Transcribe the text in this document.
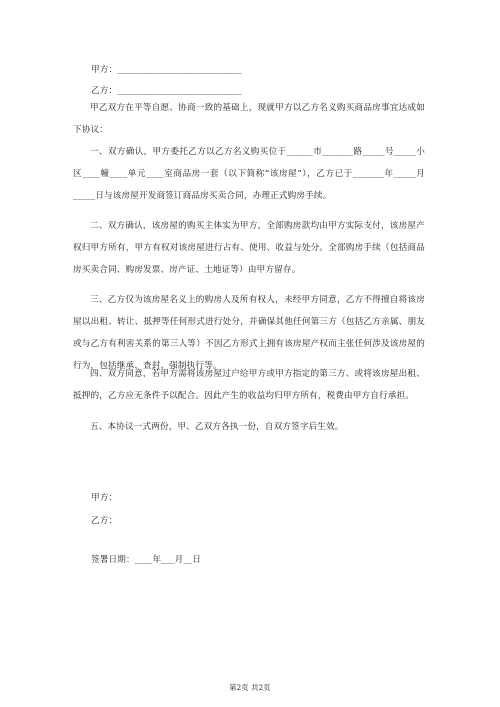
甲方：____________________________
乙方：____________________________

甲乙双方在平等自愿、协商一致的基础上，现就甲方以乙方名义购买商品房事宜达成如下协议：

一、双方确认，甲方委托乙方以乙方名义购买位于______市_______路_____号_____小区____幢____单元____室商品房一套（以下简称“该房屋”），乙方已于_______年_____月_____日与该房屋开发商签订商品房买卖合同，办理正式购房手续。

二、双方确认，该房屋的购买主体实为甲方，全部购房款均由甲方实际支付，该房屋产权归甲方所有，甲方有权对该房屋进行占有、使用、收益与处分。全部购房手续（包括商品房买卖合同、购房发票、房产证、土地证等）由甲方留存。

三、乙方仅为该房屋名义上的购房人及所有权人，未经甲方同意，乙方不得擅自将该房屋以出租、转让、抵押等任何形式进行处分，并确保其他任何第三方（包括乙方亲属、朋友或与乙方有利害关系的第三人等）不因乙方形式上拥有该房屋产权而主张任何涉及该房屋的行为，包括继承、查封、强制执行等。

四、双方同意，若甲方需将该房屋过户给甲方或甲方指定的第三方、或将该房屋出租、抵押的，乙方应无条件予以配合。因此产生的收益均归甲方所有，税费由甲方自行承担。

五、本协议一式两份，甲、乙双方各执一份，自双方签字后生效。

甲方：
乙方：
签署日期：____年___月__日
第2页 共2页
